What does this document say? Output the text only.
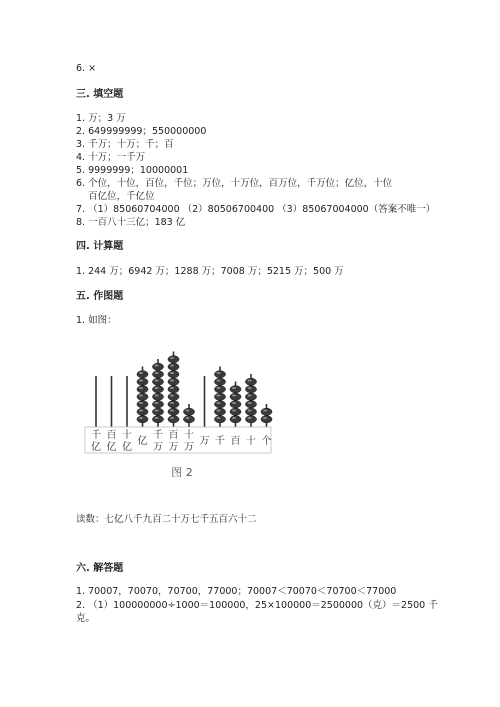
6. ×
三. 填空题
1. 万；3 万
2. 649999999；550000000
3. 千万；十万；千；百
4. 十万；一千万
5. 9999999；10000001
6. 个位，十位，百位，千位；万位，十万位，百万位，千万位；亿位，十位
百亿位，千亿位
7. （1）85060704000 （2）80506700400 （3）85067004000（答案不唯一）
8. 一百八十三亿；183 亿
四. 计算题
1. 244 万；6942 万；1288 万；7008 万；5215 万；500 万
五. 作图题
1. 如图：
千
亿
百
亿
十
亿
亿
千
万
百
万
十
万
万 千 百 十 个
图 2
读数：七亿八千九百二十万七千五百六十二
六. 解答题
1. 70007，70070，70700，77000；70007＜70070＜70700＜77000
2. （1）100000000÷1000＝100000，25×100000＝2500000（克）＝2500 千
克。
